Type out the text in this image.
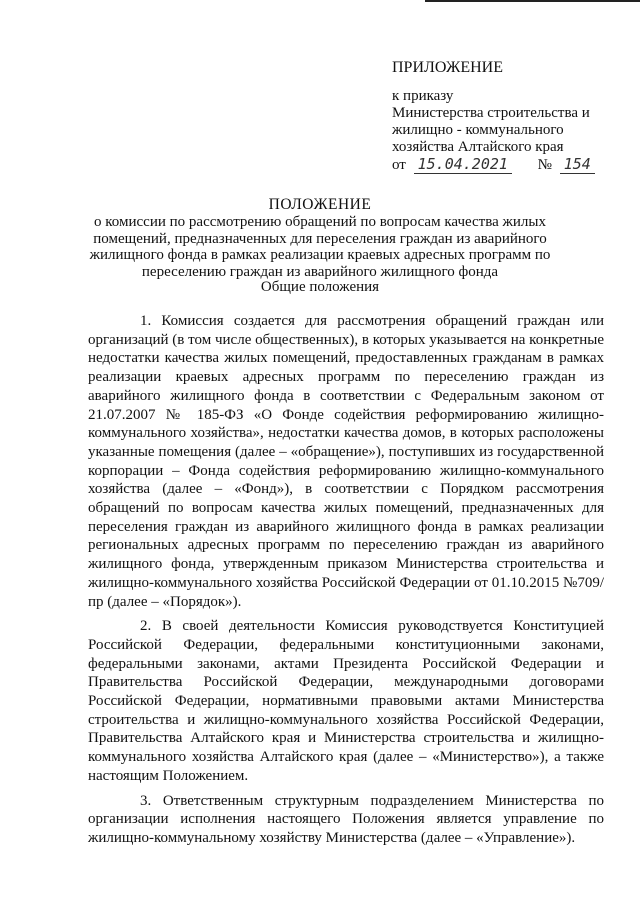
ПРИЛОЖЕНИЕ
к приказу
Министерства строительства и
жилищно - коммунального
хозяйства Алтайского края
от 15.04.2021 № 154
ПОЛОЖЕНИЕ
о комиссии по рассмотрению обращений по вопросам качества жилых
помещений, предназначенных для переселения граждан из аварийного
жилищного фонда в рамках реализации краевых адресных программ по
переселению граждан из аварийного жилищного фонда
Общие положения

1. Комиссия создается для рассмотрения обращений граждан или организаций (в том числе общественных), в которых указывается на конкретные недостатки качества жилых помещений, предоставленных гражданам в рамках реализации краевых адресных программ по переселению граждан из аварийного жилищного фонда в соответствии с Федеральным законом от 21.07.2007 № 185-ФЗ «О Фонде содействия реформированию жилищно-коммунального хозяйства», недостатки качества домов, в которых расположены указанные помещения (далее – «обращение»), поступивших из государственной корпорации – Фонда содействия реформированию жилищно-коммунального хозяйства (далее – «Фонд»), в соответствии с Порядком рассмотрения обращений по вопросам качества жилых помещений, предназначенных для переселения граждан из аварийного жилищного фонда в рамках реализации региональных адресных программ по переселению граждан из аварийного жилищного фонда, утвержденным приказом Министерства строительства и жилищно-коммунального хозяйства Российской Федерации от 01.10.2015 №709/пр (далее – «Порядок»).

2. В своей деятельности Комиссия руководствуется Конституцией Российской Федерации, федеральными конституционными законами, федеральными законами, актами Президента Российской Федерации и Правительства Российской Федерации, международными договорами Российской Федерации, нормативными правовыми актами Министерства строительства и жилищно-коммунального хозяйства Российской Федерации, Правительства Алтайского края и Министерства строительства и жилищно-коммунального хозяйства Алтайского края (далее – «Министерство»), а также настоящим Положением.

3. Ответственным структурным подразделением Министерства по организации исполнения настоящего Положения является управление по жилищно-коммунальному хозяйству Министерства (далее – «Управление»).
